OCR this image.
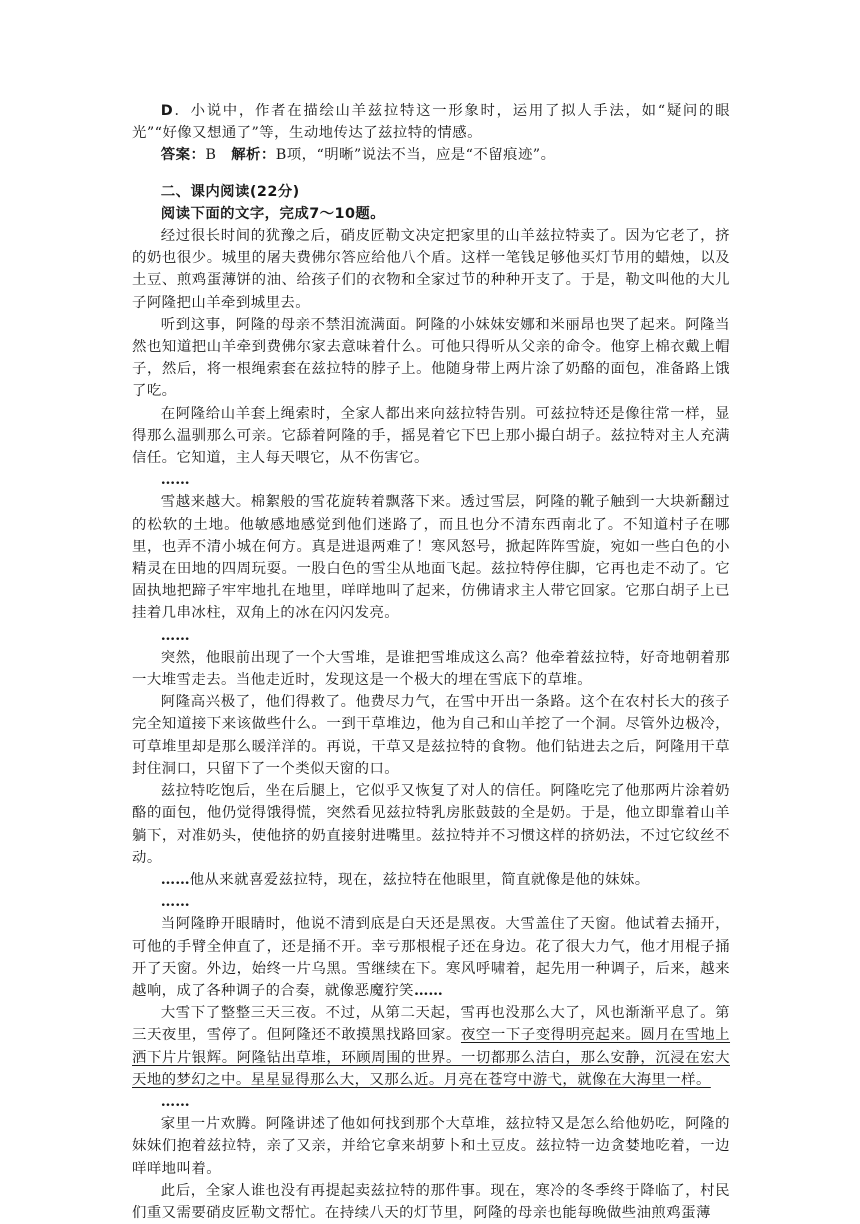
D．小说中，作者在描绘山羊兹拉特这一形象时，运用了拟人手法，如“疑问的眼光”“好像又想通了”等，生动地传达了兹拉特的情感。

答案：B　 解析：B项，“明晰”说法不当，应是“不留痕迹”。

二、课内阅读(22分)

阅读下面的文字，完成7～10题。

经过很长时间的犹豫之后，硝皮匠勒文决定把家里的山羊兹拉特卖了。因为它老了，挤的奶也很少。城里的屠夫费佛尔答应给他八个盾。这样一笔钱足够他买灯节用的蜡烛，以及土豆、煎鸡蛋薄饼的油、给孩子们的衣物和全家过节的种种开支了。于是，勒文叫他的大儿子阿隆把山羊牵到城里去。

听到这事，阿隆的母亲不禁泪流满面。阿隆的小妹妹安娜和米丽昂也哭了起来。阿隆当然也知道把山羊牵到费佛尔家去意味着什么。可他只得听从父亲的命令。他穿上棉衣戴上帽子，然后，将一根绳索套在兹拉特的脖子上。他随身带上两片涂了奶酪的面包，准备路上饿了吃。

在阿隆给山羊套上绳索时，全家人都出来向兹拉特告别。可兹拉特还是像往常一样，显得那么温驯那么可亲。它舔着阿隆的手，摇晃着它下巴上那小撮白胡子。兹拉特对主人充满信任。它知道，主人每天喂它，从不伤害它。

……

雪越来越大。棉絮般的雪花旋转着飘落下来。透过雪层，阿隆的靴子触到一大块新翻过的松软的土地。他敏感地感觉到他们迷路了，而且也分不清东西南北了。不知道村子在哪里，也弄不清小城在何方。真是进退两难了！寒风怒号，掀起阵阵雪旋，宛如一些白色的小精灵在田地的四周玩耍。一股白色的雪尘从地面飞起。兹拉特停住脚，它再也走不动了。它固执地把蹄子牢牢地扎在地里，咩咩地叫了起来，仿佛请求主人带它回家。它那白胡子上已挂着几串冰柱，双角上的冰在闪闪发亮。

……

突然，他眼前出现了一个大雪堆，是谁把雪堆成这么高？他牵着兹拉特，好奇地朝着那一大堆雪走去。当他走近时，发现这是一个极大的埋在雪底下的草堆。

阿隆高兴极了，他们得救了。他费尽力气，在雪中开出一条路。这个在农村长大的孩子完全知道接下来该做些什么。一到干草堆边，他为自己和山羊挖了一个洞。尽管外边极冷，可草堆里却是那么暖洋洋的。再说，干草又是兹拉特的食物。他们钻进去之后，阿隆用干草封住洞口，只留下了一个类似天窗的口。

兹拉特吃饱后，坐在后腿上，它似乎又恢复了对人的信任。阿隆吃完了他那两片涂着奶酪的面包，他仍觉得饿得慌，突然看见兹拉特乳房胀鼓鼓的全是奶。于是，他立即靠着山羊躺下，对准奶头，使他挤的奶直接射进嘴里。兹拉特并不习惯这样的挤奶法，不过它纹丝不动。

……他从来就喜爱兹拉特，现在，兹拉特在他眼里，简直就像是他的妹妹。

……

当阿隆睁开眼睛时，他说不清到底是白天还是黑夜。大雪盖住了天窗。他试着去捅开，可他的手臂全伸直了，还是捅不开。幸亏那根棍子还在身边。花了很大力气，他才用棍子捅开了天窗。外边，始终一片乌黑。雪继续在下。寒风呼啸着，起先用一种调子，后来，越来越响，成了各种调子的合奏，就像恶魔狞笑……

大雪下了整整三天三夜。不过，从第二天起，雪再也没那么大了，风也渐渐平息了。第三天夜里，雪停了。但阿隆还不敢摸黑找路回家。夜空一下子变得明亮起来。圆月在雪地上洒下片片银辉。阿隆钻出草堆，环顾周围的世界。一切都那么洁白，那么安静，沉浸在宏大天地的梦幻之中。星星显得那么大，又那么近。月亮在苍穹中游弋，就像在大海里一样。

……

家里一片欢腾。阿隆讲述了他如何找到那个大草堆，兹拉特又是怎么给他奶吃，阿隆的妹妹们抱着兹拉特，亲了又亲，并给它拿来胡萝卜和土豆皮。兹拉特一边贪婪地吃着，一边咩咩地叫着。

此后，全家人谁也没有再提起卖兹拉特的那件事。现在，寒冷的冬季终于降临了，村民们重又需要硝皮匠勒文帮忙。在持续八天的灯节里，阿隆的母亲也能每晚做些油煎鸡蛋薄
